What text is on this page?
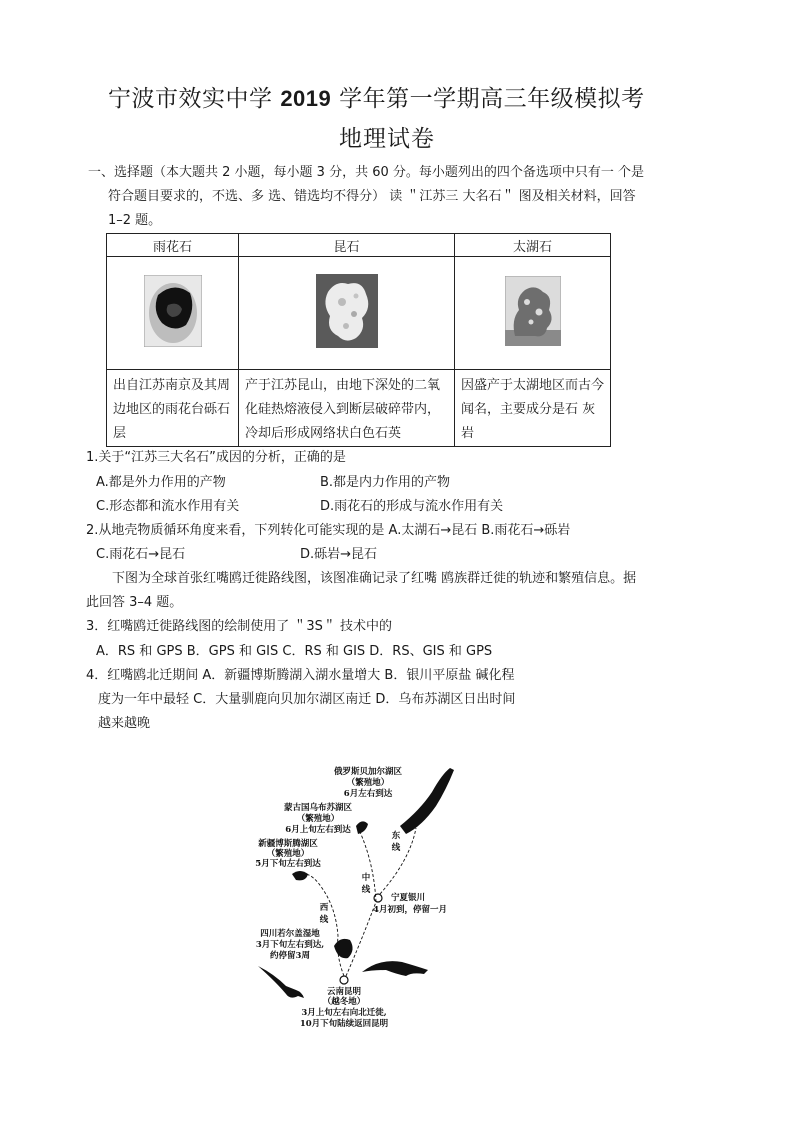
宁波市效实中学 2019 学年第一学期高三年级模拟考
地理试卷
一、选择题（本大题共 2 小题，每小题 3 分，共 60 分。每小题列出的四个备选项中只有一 个是
符合题目要求的，不选、多 选、错选均不得分） 读 ＂江苏三 大名石＂ 图及相关材料，回答
1–2 题。
雨花石	昆石	太湖石

出自江苏南京及其周边地区的雨花台砾石层	产于江苏昆山，由地下深处的二氧化硅热熔液侵入到断层破碎带内，冷却后形成网络状白色石英	因盛产于太湖地区而古今闻名，主要成分是石 灰岩
1.关于“江苏三大名石”成因的分析，正确的是
A.都是外力作用的产物	B.都是内力作用的产物
C.形态都和流水作用有关	D.雨花石的形成与流水作用有关
2.从地壳物质循环角度来看，下列转化可能实现的是 A.太湖石→昆石 B.雨花石→砾岩
C.雨花石→昆石	D.砾岩→昆石
下图为全球首张红嘴鸥迁徙路线图，该图准确记录了红嘴 鸥族群迁徙的轨迹和繁殖信息。据
此回答 3–4 题。
3．红嘴鸥迁徙路线图的绘制使用了 ＂3S＂ 技术中的
A．RS 和 GPS B．GPS 和 GIS C．RS 和 GIS D．RS、GIS 和 GPS
4．红嘴鸥北迁期间 A．新疆博斯腾湖入湖水量增大 B．银川平原盐 碱化程
度为一年中最轻 C．大量驯鹿向贝加尔湖区南迁 D．乌布苏湖区日出时间
越来越晚
俄罗斯贝加尔湖区
（繁殖地）
6月左右到达
蒙古国乌布苏湖区
（繁殖地）
6月上旬左右到达
新疆博斯腾湖区
（繁殖地）
5月下旬左右到达
四川若尔盖湿地
3月下旬左右到达,
约停留3周
云南昆明
（越冬地）
3月上旬左右向北迁徙,
10月下旬陆续返回昆明
宁夏银川
4月初到，停留一月
东
线
中
线
西
线
